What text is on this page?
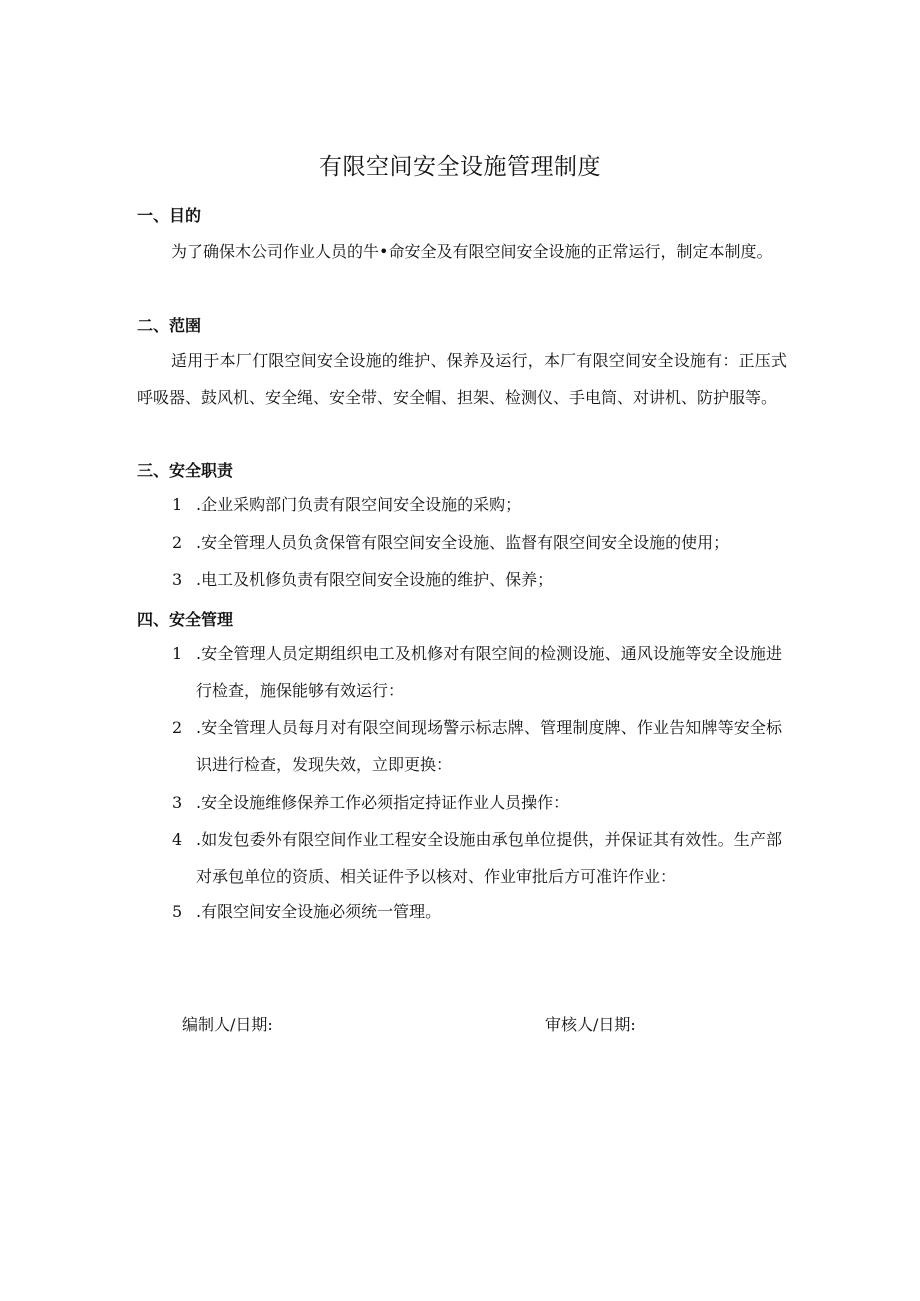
有限空间安全设施管理制度
一、目的

为了确保木公司作业人员的牛•命安全及有限空间安全设施的正常运行，制定本制度。

二、范圉

适用于本厂仃限空间安全设施的维护、保养及运行，本厂有限空间安全设施有：正压式呼吸器、鼓风机、安全绳、安全带、安全帽、担架、检测仪、手电筒、对讲机、防护服等。

三、安全职责
1 .企业采购部门负责有限空间安全设施的采购；
2 .安全管理人员负贪保管有限空间安全设施、监督有限空间安全设施的使用；
3 .电工及机修负责有限空间安全设施的维护、保养；
四、安全管理
1 .安全管理人员定期组织电工及机修对有限空间的检测设施、通风设施等安全设施进行检查，施保能够有效运行：
2 .安全管理人员每月对有限空间现场警示标志牌、管理制度牌、作业告知牌等安全标识进行检查，发现失效，立即更换：
3 .安全设施维修保养工作必须指定持证作业人员操作：
4 .如发包委外有限空间作业工程安全设施由承包单位提供，并保证其有效性。生产部对承包单位的资质、相关证件予以核对、作业审批后方可准许作业：
5 .有限空间安全设施必须统一管理。
编制人/日期:	审核人/日期:
